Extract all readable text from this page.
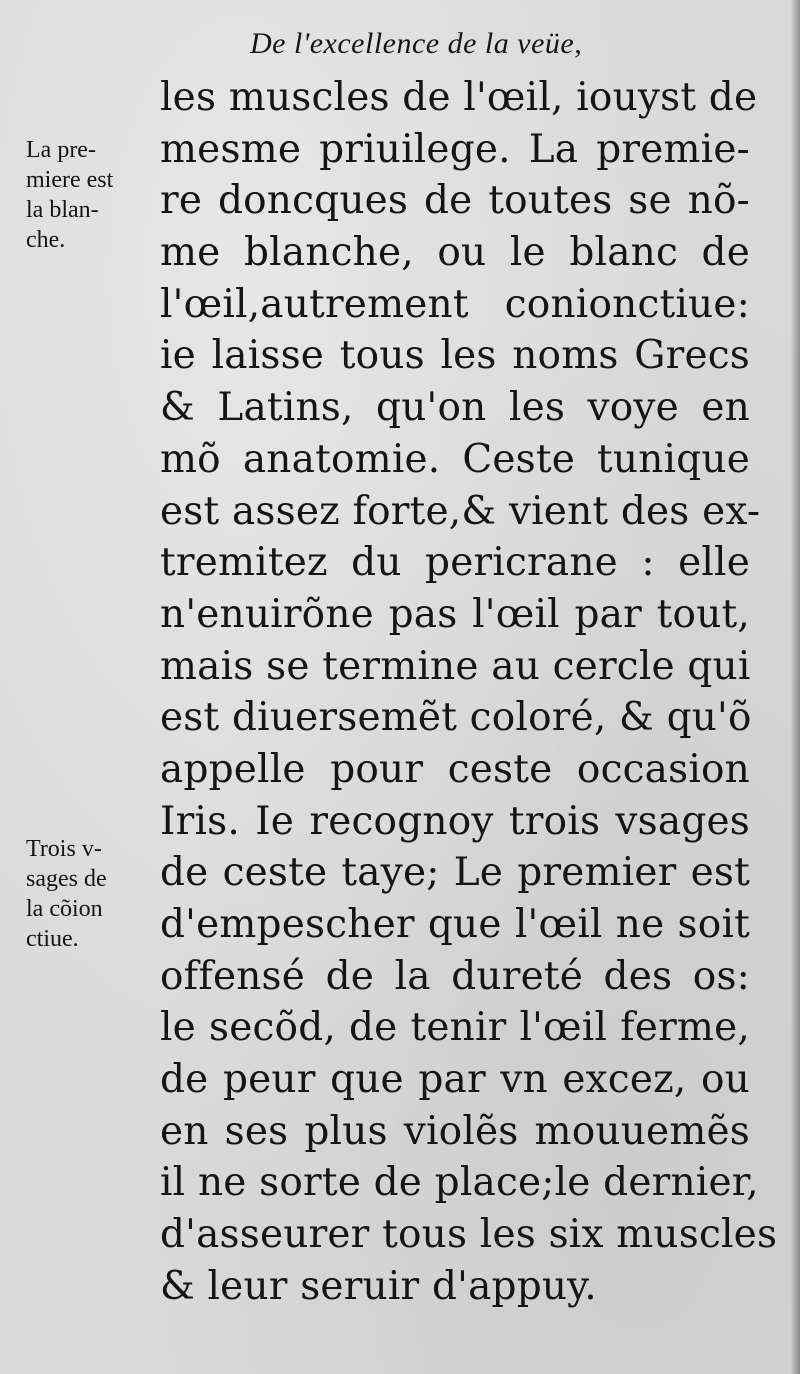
De l'excellence de la veüe,
La pre-
miere est
la blan-
che.
Trois v-
sages de
la cõion
ctiue.
les muscles de l'œil, iouyst de
mesme priuilege. La premie-
re doncques de toutes se nõ-
me blanche, ou le blanc de
l'œil,autrement conionctiue:
ie laisse tous les noms Grecs
& Latins, qu'on les voye en
mõ anatomie. Ceste tunique
est assez forte,& vient des ex-
tremitez du pericrane : elle
n'enuirõne pas l'œil par tout,
mais se termine au cercle qui
est diuersemẽt coloré, & qu'õ
appelle pour ceste occasion
Iris. Ie recognoy trois vsages
de ceste taye; Le premier est
d'empescher que l'œil ne soit
offensé de la dureté des os:
le secõd, de tenir l'œil ferme,
de peur que par vn excez, ou
en ses plus violẽs mouuemẽs
il ne sorte de place;le dernier,
d'asseurer tous les six muscles
& leur seruir d'appuy.
